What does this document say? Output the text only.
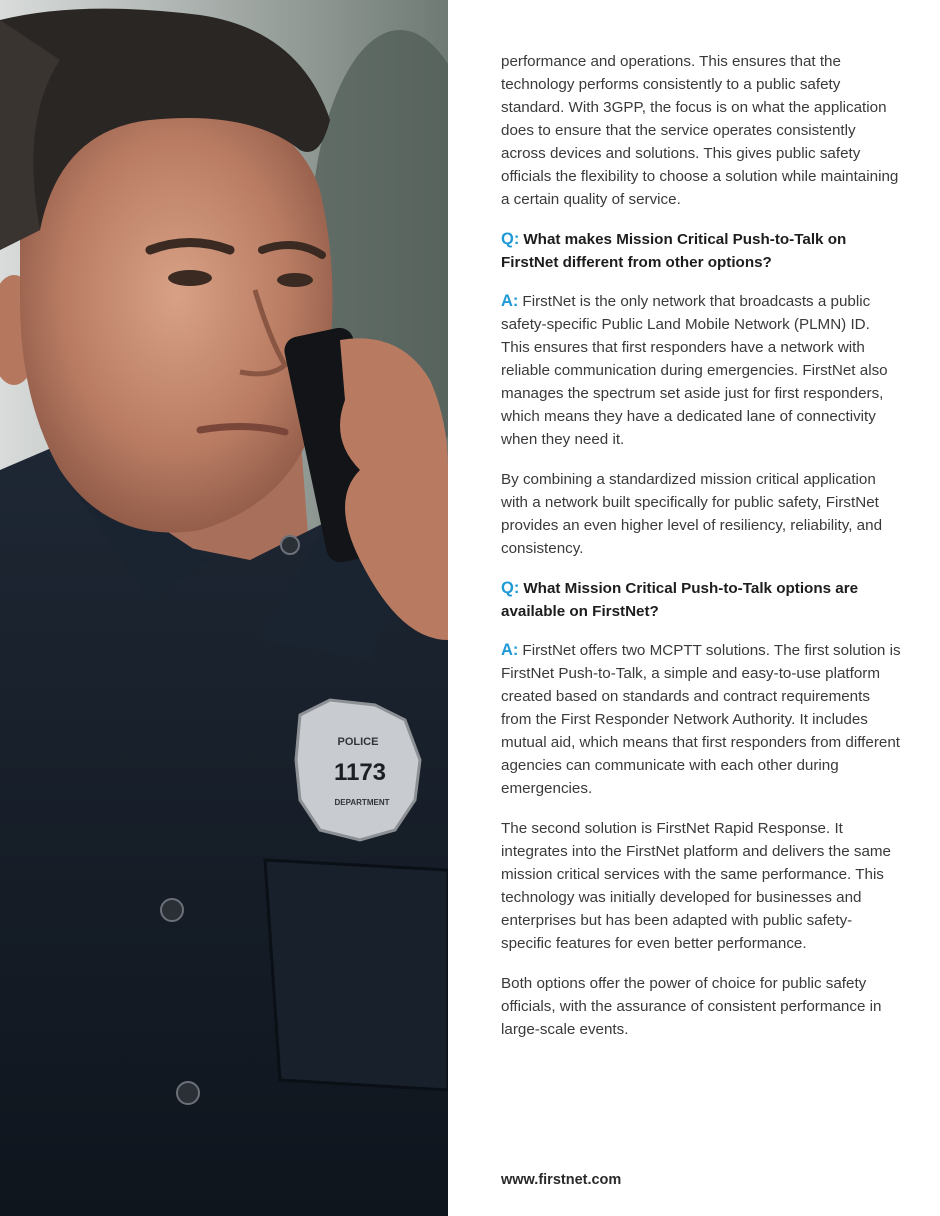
POLICE
1173
DEPARTMENT

performance and operations. This ensures that the technology performs consistently to a public safety standard. With 3GPP, the focus is on what the application does to ensure that the service operates consistently across devices and solutions. This gives public safety officials the flexibility to choose a solution while maintaining a certain quality of service.

Q: What makes Mission Critical Push-to-Talk on FirstNet different from other options?

A: FirstNet is the only network that broadcasts a public safety-specific Public Land Mobile Network (PLMN) ID. This ensures that first responders have a network with reliable communication during emergencies. FirstNet also manages the spectrum set aside just for first responders, which means they have a dedicated lane of connectivity when they need it.

By combining a standardized mission critical application with a network built specifically for public safety, FirstNet provides an even higher level of resiliency, reliability, and consistency.

Q: What Mission Critical Push-to-Talk options are available on FirstNet?

A: FirstNet offers two MCPTT solutions. The first solution is FirstNet Push-to-Talk, a simple and easy-to-use platform created based on standards and contract requirements from the First Responder Network Authority. It includes mutual aid, which means that first responders from different agencies can communicate with each other during emergencies.

The second solution is FirstNet Rapid Response. It integrates into the FirstNet platform and delivers the same mission critical services with the same performance. This technology was initially developed for businesses and enterprises but has been adapted with public safety-specific features for even better performance.

Both options offer the power of choice for public safety officials, with the assurance of consistent performance in large-scale events.

www.firstnet.com
